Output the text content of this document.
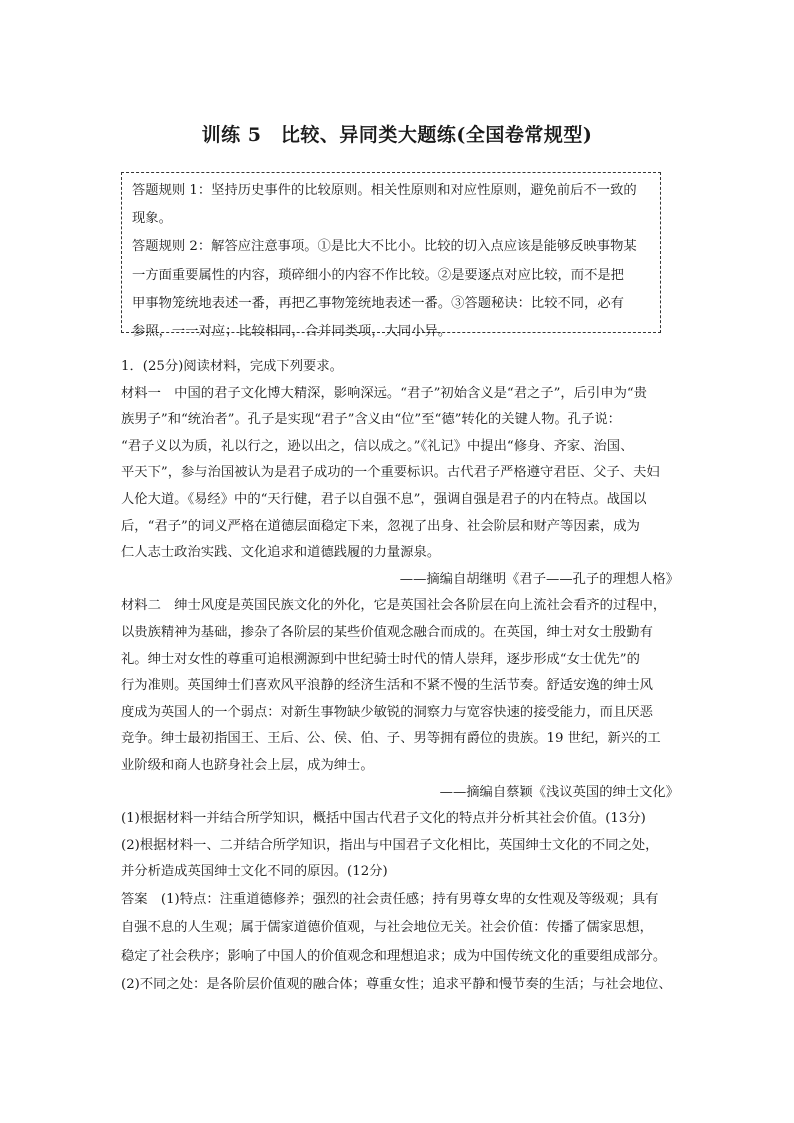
训练 5　比较、异同类大题练(全国卷常规型)
答题规则 1：坚持历史事件的比较原则。相关性原则和对应性原则，避免前后不一致的
现象。
答题规则 2：解答应注意事项。①是比大不比小。比较的切入点应该是能够反映事物某
一方面重要属性的内容，琐碎细小的内容不作比较。②是要逐点对应比较，而不是把
甲事物笼统地表述一番，再把乙事物笼统地表述一番。③答题秘诀：比较不同，必有
参照，一一对应；比较相同，合并同类项，大同小异。
1．(25分)阅读材料，完成下列要求。
材料一　中国的君子文化博大精深，影响深远。“君子”初始含义是“君之子”，后引申为“贵
族男子”和“统治者”。孔子是实现“君子”含义由“位”至“德”转化的关键人物。孔子说：
“君子义以为质，礼以行之，逊以出之，信以成之。”《礼记》中提出“修身、齐家、治国、
平天下”，参与治国被认为是君子成功的一个重要标识。古代君子严格遵守君臣、父子、夫妇
人伦大道。《易经》中的“天行健，君子以自强不息”，强调自强是君子的内在特点。战国以
后，“君子”的词义严格在道德层面稳定下来，忽视了出身、社会阶层和财产等因素，成为
仁人志士政治实践、文化追求和道德践履的力量源泉。
——摘编自胡继明《君子——孔子的理想人格》
材料二　绅士风度是英国民族文化的外化，它是英国社会各阶层在向上流社会看齐的过程中，
以贵族精神为基础，掺杂了各阶层的某些价值观念融合而成的。在英国，绅士对女士殷勤有
礼。绅士对女性的尊重可追根溯源到中世纪骑士时代的情人崇拜，逐步形成“女士优先”的
行为准则。英国绅士们喜欢风平浪静的经济生活和不紧不慢的生活节奏。舒适安逸的绅士风
度成为英国人的一个弱点：对新生事物缺少敏锐的洞察力与宽容快速的接受能力，而且厌恶
竞争。绅士最初指国王、王后、公、侯、伯、子、男等拥有爵位的贵族。19 世纪，新兴的工
业阶级和商人也跻身社会上层，成为绅士。
——摘编自蔡颖《浅议英国的绅士文化》
(1)根据材料一并结合所学知识，概括中国古代君子文化的特点并分析其社会价值。(13分)
(2)根据材料一、二并结合所学知识，指出与中国君子文化相比，英国绅士文化的不同之处，
并分析造成英国绅士文化不同的原因。(12分)
答案　(1)特点：注重道德修养；强烈的社会责任感；持有男尊女卑的女性观及等级观；具有
自强不息的人生观；属于儒家道德价值观，与社会地位无关。社会价值：传播了儒家思想，
稳定了社会秩序；影响了中国人的价值观念和理想追求；成为中国传统文化的重要组成部分。
(2)不同之处：是各阶层价值观的融合体；尊重女性；追求平静和慢节奏的生活；与社会地位、
